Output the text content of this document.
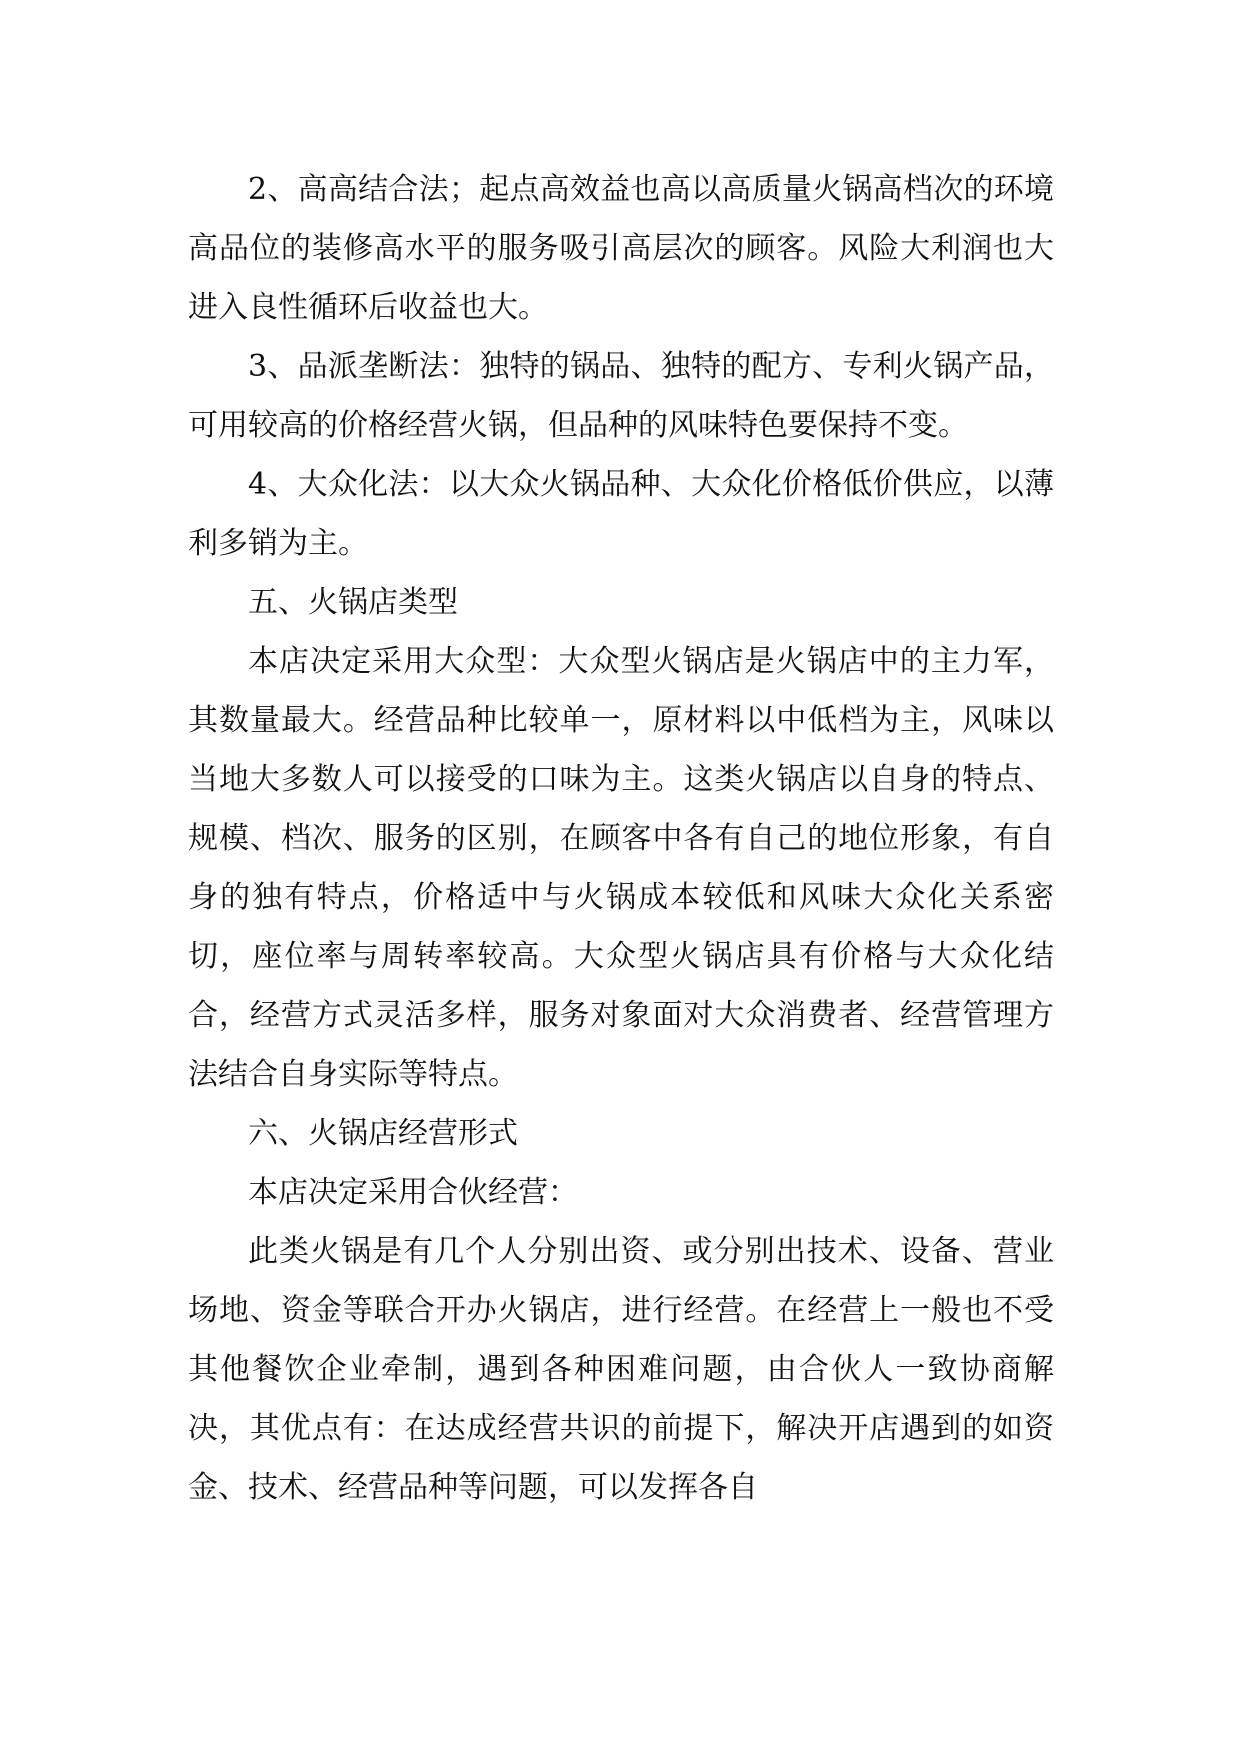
2、高高结合法；起点高效益也高以高质量火锅高档次的环境高品位的装修高水平的服务吸引高层次的顾客。风险大利润也大进入良性循环后收益也大。

3、品派垄断法：独特的锅品、独特的配方、专利火锅产品，可用较高的价格经营火锅，但品种的风味特色要保持不变。

4、大众化法：以大众火锅品种、大众化价格低价供应，以薄利多销为主。

五、火锅店类型

本店决定采用大众型：大众型火锅店是火锅店中的主力军，其数量最大。经营品种比较单一，原材料以中低档为主，风味以当地大多数人可以接受的口味为主。这类火锅店以自身的特点、规模、档次、服务的区别，在顾客中各有自己的地位形象，有自身的独有特点，价格适中与火锅成本较低和风味大众化关系密切，座位率与周转率较高。大众型火锅店具有价格与大众化结合，经营方式灵活多样，服务对象面对大众消费者、经营管理方法结合自身实际等特点。

六、火锅店经营形式

本店决定采用合伙经营：

此类火锅是有几个人分别出资、或分别出技术、设备、营业场地、资金等联合开办火锅店，进行经营。在经营上一般也不受其他餐饮企业牵制，遇到各种困难问题，由合伙人一致协商解决，其优点有：在达成经营共识的前提下，解决开店遇到的如资金、技术、经营品种等问题，可以发挥各自
